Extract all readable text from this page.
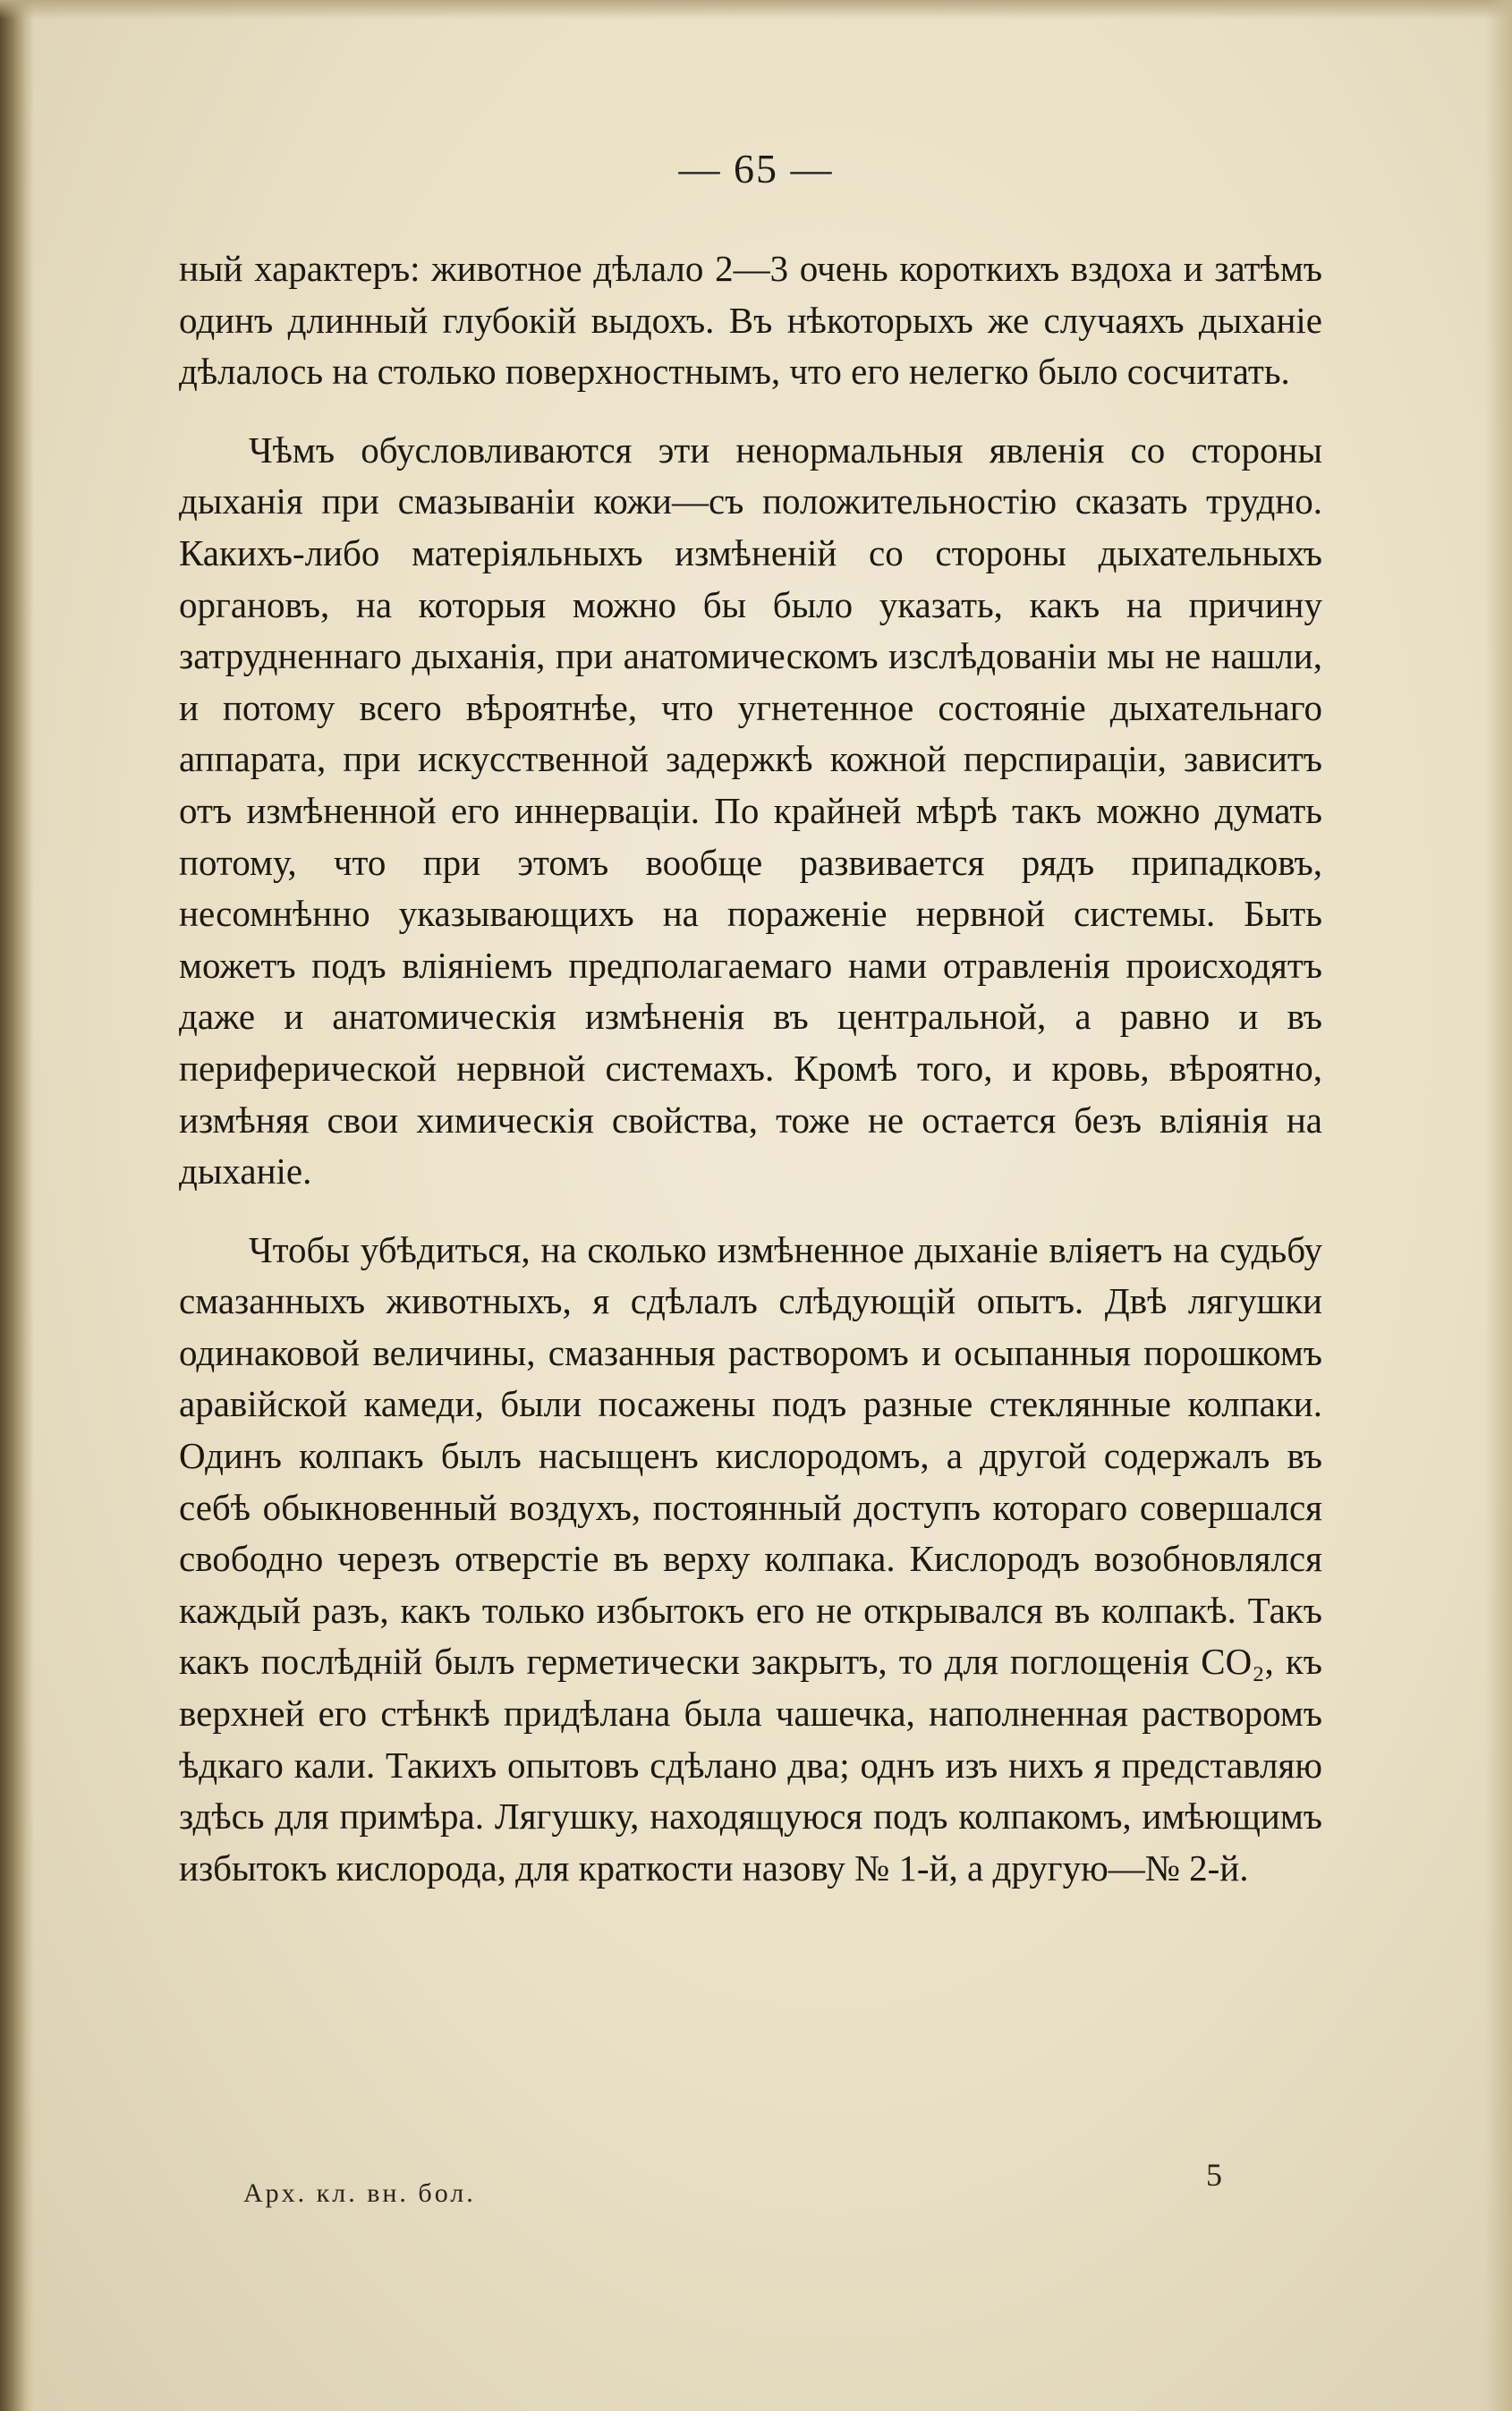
— 65 —

ный характеръ: животное дѣлало 2—3 очень короткихъ вздоха и затѣмъ одинъ длинный глубокій выдохъ. Въ нѣкоторыхъ же случаяхъ дыханіе дѣлалось на столько поверхностнымъ, что его нелегко было сосчитать.

Чѣмъ обусловливаются эти ненормальныя явленія со стороны дыханія при смазываніи кожи—съ положительностію сказать трудно. Какихъ-либо матеріяльныхъ измѣненій со стороны дыхательныхъ органовъ, на которыя можно бы было указать, какъ на причину затрудненнаго дыханія, при анатомическомъ изслѣдованіи мы не нашли, и потому всего вѣроятнѣе, что угнетенное состояніе дыхательнаго аппарата, при искусственной задержкѣ кожной перспираціи, зависитъ отъ измѣненной его иннерваціи. По крайней мѣрѣ такъ можно думать потому, что при этомъ вообще развивается рядъ припадковъ, несомнѣнно указывающихъ на пораженіе нервной системы. Быть можетъ подъ вліяніемъ предполагаемаго нами отравленія происходятъ даже и анатомическія измѣненія въ центральной, а равно и въ периферической нервной системахъ. Кромѣ того, и кровь, вѣроятно, измѣняя свои химическія свойства, тоже не остается безъ вліянія на дыханіе.

Чтобы убѣдиться, на сколько измѣненное дыханіе вліяетъ на судьбу смазанныхъ животныхъ, я сдѣлалъ слѣдующій опытъ. Двѣ лягушки одинаковой величины, смазанныя растворомъ и осыпанныя порошкомъ аравійской камеди, были посажены подъ разные стеклянные колпаки. Одинъ колпакъ былъ насыщенъ кислородомъ, а другой содержалъ въ себѣ обыкновенный воздухъ, постоянный доступъ котораго совершался свободно черезъ отверстіе въ верху колпака. Кислородъ возобновлялся каждый разъ, какъ только избытокъ его не открывался въ колпакѣ. Такъ какъ послѣдній былъ герметически закрытъ, то для поглощенія CO₂, къ верхней его стѣнкѣ придѣлана была чашечка, наполненная растворомъ ѣдкаго кали. Такихъ опытовъ сдѣлано два; однъ изъ нихъ я представляю здѣсь для примѣра. Лягушку, находящуюся подъ колпакомъ, имѣющимъ избытокъ кислорода, для краткости назову № 1-й, а другую—№ 2-й.

Арх. кл. вн. бол.
5
